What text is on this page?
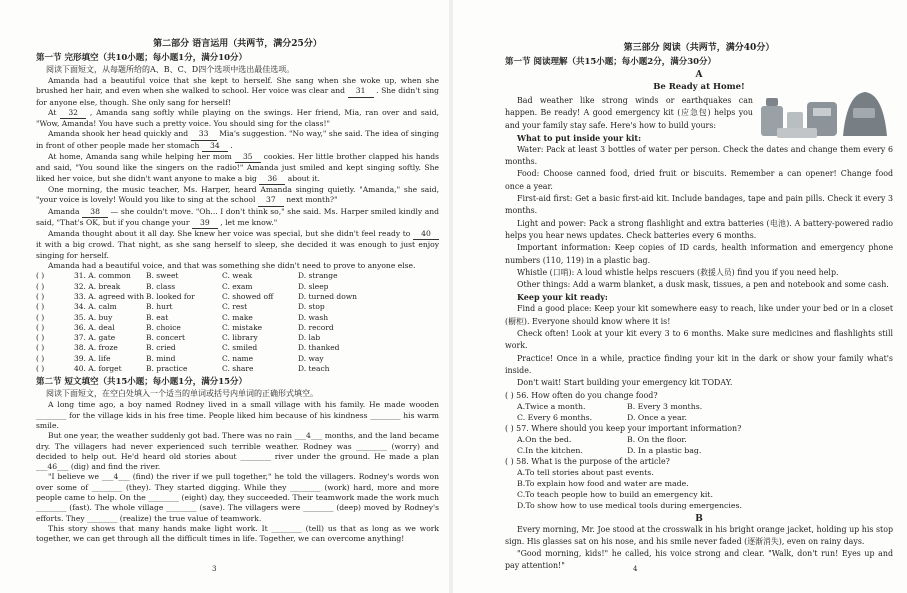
第二部分 语言运用（共两节，满分25分）
第一节 完形填空（共10小题；每小题1分，满分10分）
阅读下面短文，从每题所给的A、B、C、D四个选项中选出最佳选项。

Amanda had a beautiful voice that she kept to herself. She sang when she woke up, when she brushed her hair, and even when she walked to school. Her voice was clear and 31 . She didn't sing for anyone else, though. She only sang for herself!

At 32 , Amanda sang softly while playing on the swings. Her friend, Mia, ran over and said, "Wow, Amanda! You have such a pretty voice. You should sing for the class!"

Amanda shook her head quickly and 33 Mia's suggestion. "No way," she said. The idea of singing in front of other people made her stomach 34 .

At home, Amanda sang while helping her mom 35 cookies. Her little brother clapped his hands and said, "You sound like the singers on the radio!" Amanda just smiled and kept singing softly. She liked her voice, but she didn't want anyone to make a big 36 about it.

One morning, the music teacher, Ms. Harper, heard Amanda singing quietly. "Amanda," she said, "your voice is lovely! Would you like to sing at the school 37 next month?"

Amanda 38 — she couldn't move. "Oh... I don't think so," she said. Ms. Harper smiled kindly and said, "That's OK, but if you change your 39 , let me know."

Amanda thought about it all day. She knew her voice was special, but she didn't feel ready to 40 it with a big crowd. That night, as she sang herself to sleep, she decided it was enough to just enjoy singing for herself.

Amanda had a beautiful voice, and that was something she didn't need to prove to anyone else.

( )	31. A. common	B. sweet	C. weak	D. strange
( )	32. A. break	B. class	C. exam	D. sleep
( )	33. A. agreed with B. looked for	C. showed off	D. turned down
( )	34. A. calm	B. hurt	C. rest	D. stop
( )	35. A. buy	B. eat	C. make	D. wash
( )	36. A. deal	B. choice	C. mistake	D. record
( )	37. A. gate	B. concert	C. library	D. lab
( )	38. A. froze	B. cried	C. smiled	D. thanked
( )	39. A. life	B. mind	C. name	D. way
( )	40. A. forget	B. practice	C. share	D. teach
第二节 短文填空（共15小题；每小题1分，满分15分）
阅读下面短文，在空白处填入一个适当的单词或括号内单词的正确形式填空。

A long time ago, a boy named Rodney lived in a small village with his family. He made wooden ________ for the village kids in his free time. People liked him because of his kindness ________ his warm smile.

But one year, the weather suddenly got bad. There was no rain ___4___ months, and the land became dry. The villagers had never experienced such terrible weather. Rodney was ________ (worry) and decided to help out. He'd heard old stories about ________ river under the ground. He made a plan ___46___ (dig) and find the river.

"I believe we ___4___ (find) the river if we pull together," he told the villagers. Rodney's words won over some of ________ (they). They started digging. While they ________ (work) hard, more and more people came to help. On the ________ (eight) day, they succeeded. Their teamwork made the work much ________ (fast). The whole village ________ (save). The villagers were ________ (deep) moved by Rodney's efforts. They ________ (realize) the true value of teamwork.

This story shows that many hands make light work. It ________ (tell) us that as long as we work together, we can get through all the difficult times in life. Together, we can overcome anything!

3
第三部分 阅读（共两节，满分40分）
第一节 阅读理解（共15小题；每小题2分，满分30分）
A
Be Ready at Home!

Bad weather like strong winds or earthquakes can happen. Be ready! A good emergency kit (应急包) helps you and your family stay safe. Here's how to build yours:

What to put inside your kit:

Water: Pack at least 3 bottles of water per person. Check the dates and change them every 6 months.

Food: Choose canned food, dried fruit or biscuits. Remember a can opener! Change food once a year.

First-aid first: Get a basic first-aid kit. Include bandages, tape and pain pills. Check it every 3 months.

Light and power: Pack a strong flashlight and extra batteries (电池). A battery-powered radio helps you hear news updates. Check batteries every 6 months.

Important information: Keep copies of ID cards, health information and emergency phone numbers (110, 119) in a plastic bag.

Whistle (口哨): A loud whistle helps rescuers (救援人员) find you if you need help.

Other things: Add a warm blanket, a dusk mask, tissues, a pen and notebook and some cash.

Keep your kit ready:

Find a good place: Keep your kit somewhere easy to reach, like under your bed or in a closet (橱柜). Everyone should know where it is!

Check often! Look at your kit every 3 to 6 months. Make sure medicines and flashlights still work.

Practice! Once in a while, practice finding your kit in the dark or show your family what's inside.

Don't wait! Start building your emergency kit TODAY.

( ) 56. How often do you change food?
A.Twice a month.	B. Every 3 months.
C. Every 6 months.	D. Once a year.
( ) 57. Where should you keep your important information?
A.On the bed.	B. On the floor.
C.In the kitchen.	D. In a plastic bag.
( ) 58. What is the purpose of the article?
A.To tell stories about past events.
B.To explain how food and water are made.
C.To teach people how to build an emergency kit.
D.To show how to use medical tools during emergencies.
B

Every morning, Mr. Joe stood at the crosswalk in his bright orange jacket, holding up his stop sign. His glasses sat on his nose, and his smile never faded (逐渐消失), even on rainy days.

"Good morning, kids!" he called, his voice strong and clear. "Walk, don't run! Eyes up and pay attention!"	4
